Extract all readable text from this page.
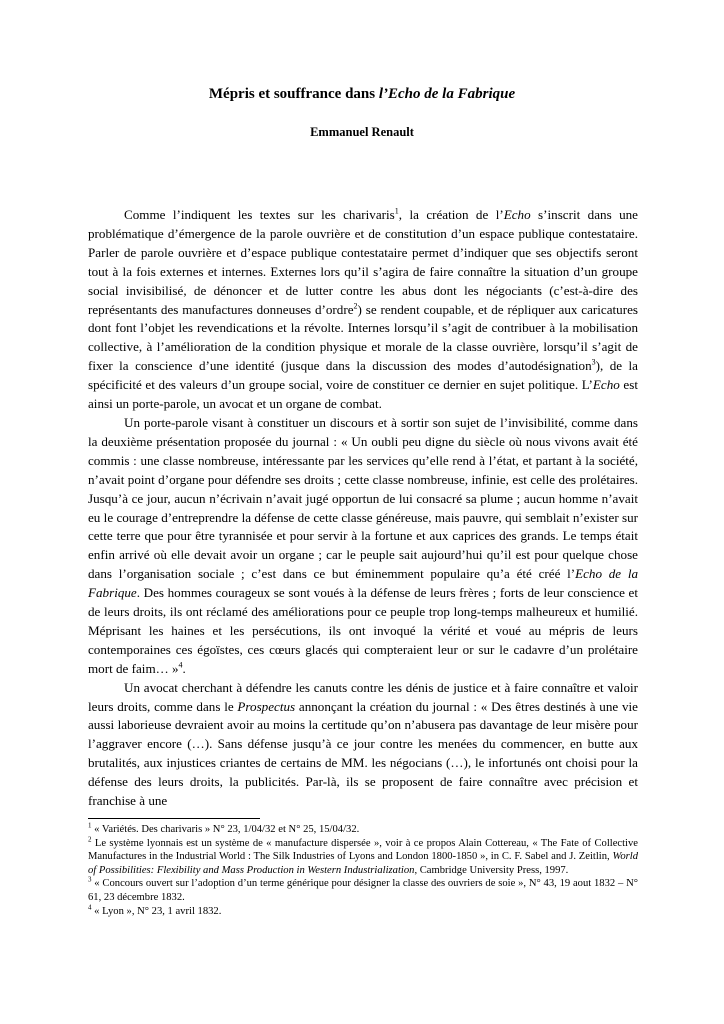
Mépris et souffrance dans l’Echo de la Fabrique
Emmanuel Renault

Comme l’indiquent les textes sur les charivaris$^1$, la création de l’Echo s’inscrit dans une problématique d’émergence de la parole ouvrière et de constitution d’un espace publique contestataire. Parler de parole ouvrière et d’espace publique contestataire permet d’indiquer que ses objectifs seront tout à la fois externes et internes. Externes lors qu’il s’agira de faire connaître la situation d’un groupe social invisibilisé, de dénoncer et de lutter contre les abus dont les négociants (c’est-à-dire des représentants des manufactures donneuses d’ordre$^2$) se rendent coupable, et de répliquer aux caricatures dont font l’objet les revendications et la révolte. Internes lorsqu’il s’agit de contribuer à la mobilisation collective, à l’amélioration de la condition physique et morale de la classe ouvrière, lorsqu’il s’agit de fixer la conscience d’une identité (jusque dans la discussion des modes d’autodésignation$^3$), de la spécificité et des valeurs d’un groupe social, voire de constituer ce dernier en sujet politique. L’Echo est ainsi un porte-parole, un avocat et un organe de combat.

Un porte-parole visant à constituer un discours et à sortir son sujet de l’invisibilité, comme dans la deuxième présentation proposée du journal : « Un oubli peu digne du siècle où nous vivons avait été commis : une classe nombreuse, intéressante par les services qu’elle rend à l’état, et partant à la société, n’avait point d’organe pour défendre ses droits ; cette classe nombreuse, infinie, est celle des prolétaires. Jusqu’à ce jour, aucun n’écrivain n’avait jugé opportun de lui consacré sa plume ; aucun homme n’avait eu le courage d’entreprendre la défense de cette classe généreuse, mais pauvre, qui semblait n’exister sur cette terre que pour être tyrannisée et pour servir à la fortune et aux caprices des grands. Le temps était enfin arrivé où elle devait avoir un organe ; car le peuple sait aujourd’hui qu’il est pour quelque chose dans l’organisation sociale ; c’est dans ce but éminemment populaire qu’a été créé l’Echo de la Fabrique. Des hommes courageux se sont voués à la défense de leurs frères ; forts de leur conscience et de leurs droits, ils ont réclamé des améliorations pour ce peuple trop long-temps malheureux et humilié. Méprisant les haines et les persécutions, ils ont invoqué la vérité et voué au mépris de leurs contemporaines ces égoïstes, ces cœurs glacés qui compteraient leur or sur le cadavre d’un prolétaire mort de faim… »$^4$.

Un avocat cherchant à défendre les canuts contre les dénis de justice et à faire connaître et valoir leurs droits, comme dans le Prospectus annonçant la création du journal : « Des êtres destinés à une vie aussi laborieuse devraient avoir au moins la certitude qu’on n’abusera pas davantage de leur misère pour l’aggraver encore (…). Sans défense jusqu’à ce jour contre les menées du commencer, en butte aux brutalités, aux injustices criantes de certains de MM. les négocians (…), le infortunés ont choisi pour la défense des leurs droits, la publicités. Par-là, ils se proposent de faire connaître avec précision et franchise à une

$^1$ « Variétés. Des charivaris » N° 23, 1/04/32 et N° 25, 15/04/32.

$^2$ Le système lyonnais est un système de « manufacture dispersée », voir à ce propos Alain Cottereau, « The Fate of Collective Manufactures in the Industrial World : The Silk Industries of Lyons and London 1800-1850 », in C. F. Sabel and J. Zeitlin, World of Possibilities: Flexibility and Mass Production in Western Industrialization, Cambridge University Press, 1997.

$^3$ « Concours ouvert sur l’adoption d’un terme générique pour désigner la classe des ouvriers de soie », N° 43, 19 aout 1832 – N° 61, 23 décembre 1832.

$^4$ « Lyon », N° 23, 1 avril 1832.
